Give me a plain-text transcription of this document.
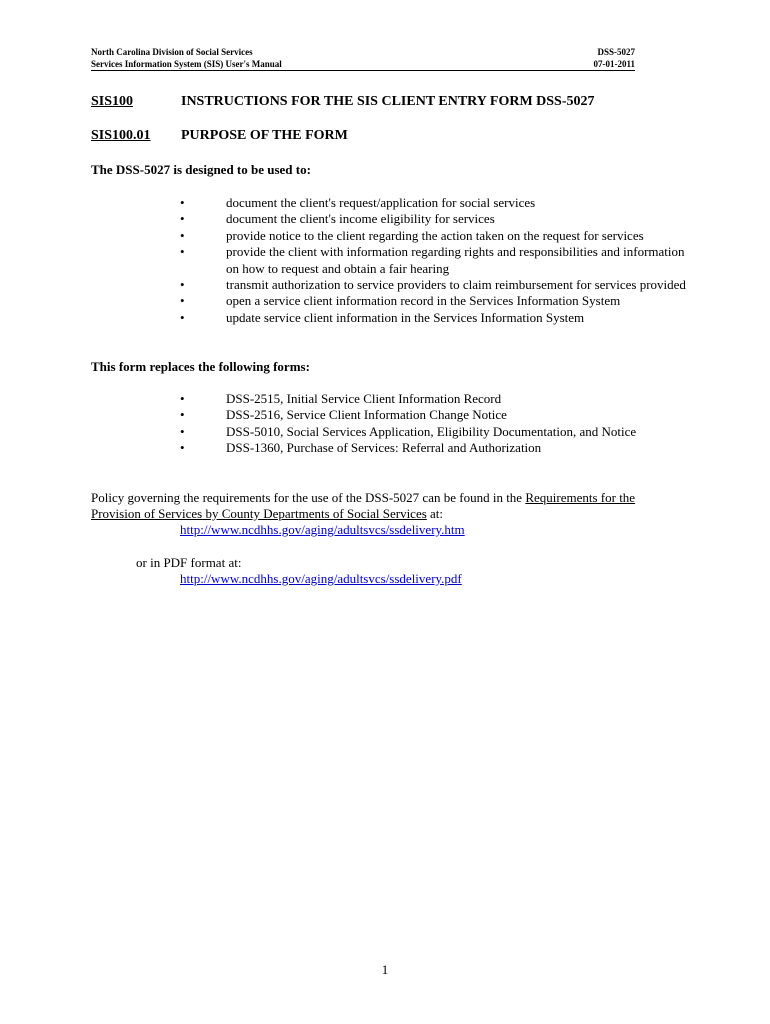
North Carolina Division of Social Services
Services Information System (SIS) User's Manual
DSS-5027
07-01-2011
SIS100	INSTRUCTIONS FOR THE SIS CLIENT ENTRY FORM DSS-5027
SIS100.01 PURPOSE OF THE FORM
The DSS-5027 is designed to be used to:
•	document the client's request/application for social services
•	document the client's income eligibility for services
•	provide notice to the client regarding the action taken on the request for services
•	provide the client with information regarding rights and responsibilities and information on how to request and obtain a fair hearing
•	transmit authorization to service providers to claim reimbursement for services provided
•	open a service client information record in the Services Information System
•	update service client information in the Services Information System
This form replaces the following forms:
•	DSS-2515, Initial Service Client Information Record
•	DSS-2516, Service Client Information Change Notice
•	DSS-5010, Social Services Application, Eligibility Documentation, and Notice
•	DSS-1360, Purchase of Services: Referral and Authorization
Policy governing the requirements for the use of the DSS-5027 can be found in the Requirements for the Provision of Services by County Departments of Social Services at:
http://www.ncdhhs.gov/aging/adultsvcs/ssdelivery.htm
or in PDF format at:
http://www.ncdhhs.gov/aging/adultsvcs/ssdelivery.pdf
1
